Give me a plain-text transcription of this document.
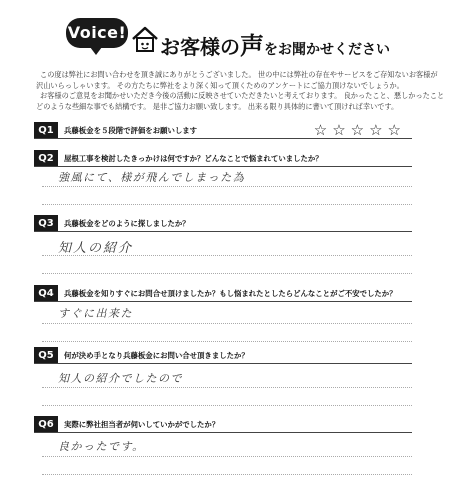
Voice!
お客様の声をお聞かせください

この度は弊社にお問い合わせを頂き誠にありがとうございました。 世の中には弊社の存在やサービスをご存知ないお客様が

沢山いらっしゃいます。 その方たちに弊社をより深く知って頂くためのアンケートにご協力頂けないでしょうか。

お客様のご意見をお聞かせいただき今後の活動に反映させていただきたいと考えております。 良かったこと、悪しかったこと

どのような些細な事でも結構です。 是非ご協力お願い致します。 出来る限り具体的に書いて頂ければ幸いです。

Q1	兵藤板金を５段階で評価をお願いします	☆☆☆☆☆
Q2	屋根工事を検討したきっかけは何ですか？どんなことで悩まれていましたか？
強風にて、様が飛んでしまった為
Q3	兵藤板金をどのように探しましたか？
知人の紹介
Q4	兵藤板金を知りすぐにお問合せ頂けましたか？もし悩まれたとしたらどんなことがご不安でしたか？
すぐに出来た
Q5	何が決め手となり兵藤板金にお問い合せ頂きましたか？
知人の紹介でしたので
Q6	実際に弊社担当者が伺いしていかがでしたか？
良かったです。
